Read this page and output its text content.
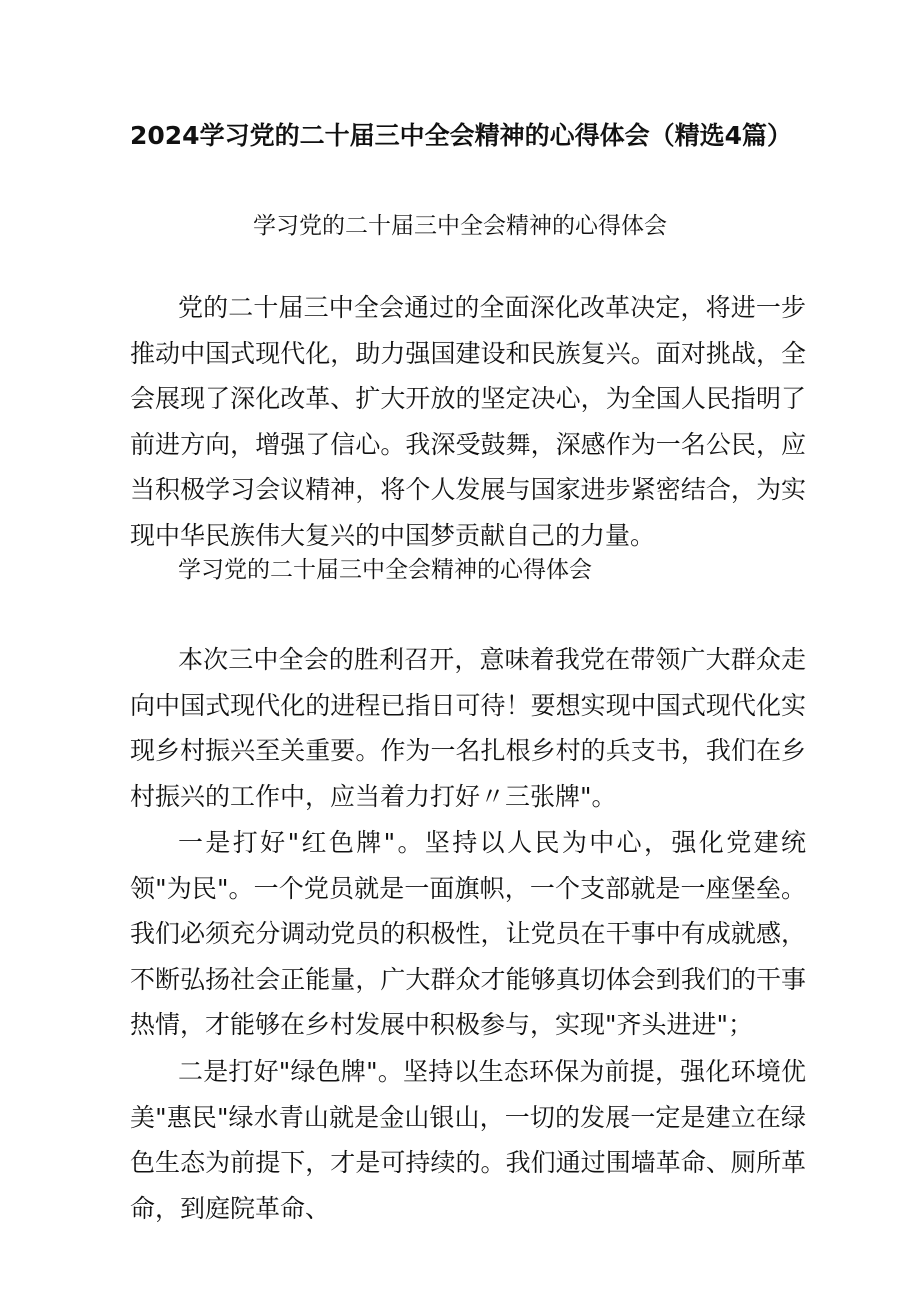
2024学习党的二十届三中全会精神的心得体会（精选4篇）
学习党的二十届三中全会精神的心得体会

党的二十届三中全会通过的全面深化改革决定，将进一步推动中国式现代化，助力强国建设和民族复兴。面对挑战，全会展现了深化改革、扩大开放的坚定决心，为全国人民指明了前进方向，增强了信心。我深受鼓舞，深感作为一名公民，应当积极学习会议精神，将个人发展与国家进步紧密结合，为实现中华民族伟大复兴的中国梦贡献自己的力量。

学习党的二十届三中全会精神的心得体会

本次三中全会的胜利召开，意味着我党在带领广大群众走向中国式现代化的进程已指日可待！要想实现中国式现代化实现乡村振兴至关重要。作为一名扎根乡村的兵支书，我们在乡村振兴的工作中，应当着力打好〃三张牌"。

一是打好"红色牌"。坚持以人民为中心，强化党建统领"为民"。一个党员就是一面旗帜，一个支部就是一座堡垒。我们必须充分调动党员的积极性，让党员在干事中有成就感，不断弘扬社会正能量，广大群众才能够真切体会到我们的干事热情，才能够在乡村发展中积极参与，实现"齐头进进"；

二是打好"绿色牌"。坚持以生态环保为前提，强化环境优美"惠民"绿水青山就是金山银山，一切的发展一定是建立在绿色生态为前提下，才是可持续的。我们通过围墙革命、厕所革命，到庭院革命、
